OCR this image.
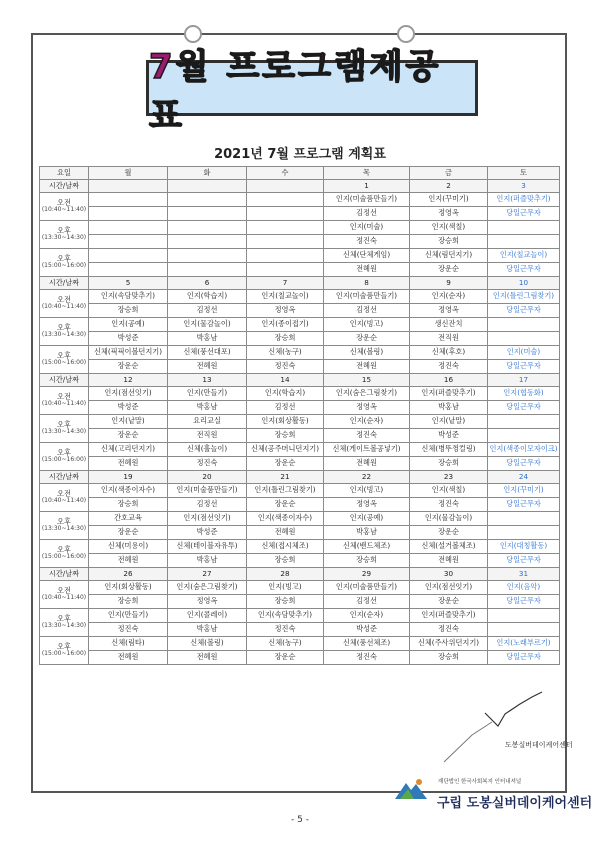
7월 프로그램제공표
2021년 7월 프로그램 계획표
요일	월	화	수	목	금	토
시간/날짜				1	2	3
오전
(10:40~11:40)				인지(미술품만들기)	인지(꾸미기)	인지(퍼즐맞추기)
				김정선	정영옥	당일근무자
오후
(13:30~14:30)				인지(미술)	인지(색칠)	
				정진숙	장승희	
오후
(15:00~16:00)				신체(단체게임)	신체(림던지기)	인지(칠교놀이)
				전혜원	장운순	당일근무자
시간/날짜	5	6	7	8	9	10
오전
(10:40~11:40)	인지(속담맞추기)	인지(학습지)	인지(칠교놀이)	인지(미술품만들기)	인지(순자)	인지(틀린그림찾기)
	장승희	김정선	정영옥	김정선	정영옥	당일근무자
오후
(13:30~14:30)	인지(공예)	인지(물감놀이)	인지(종이접기)	인지(빙고)	생신잔치	
	박성준	박홍남	장승희	장운순	전직원	
오후
(15:00~16:00)	신체(픽픽이볼던지기)	신체(풍선대포)	신체(농구)	신체(볼링)	신체(후호)	인지(미술)
	장운순	전혜원	정진숙	전혜원	정진숙	당일근무자
시간/날짜	12	13	14	15	16	17
오전
(10:40~11:40)	인지(점선잇기)	인지(만들기)	인지(학습지)	인지(숨은그림찾기)	인지(퍼즐맞추기)	인지(협동화)
	박성준	박홍남	김정선	정영옥	박홍남	당일근무자
오후
(13:30~14:30)	인지(낱말)	요리교실	인지(회상활동)	인지(순자)	인지(낱말)	
	장운순	전직원	장승희	정진숙	박성준	
오후
(15:00~16:00)	신체(고리던지기)	신체(훌놀이)	신체(공주머니던지기)	신체(게이트볼공넣기)	신체(병뚜껑컬링)	인지(색종이모자이크)
	전혜원	정진숙	장운순	전혜원	장승희	당일근무자
시간/날짜	19	20	21	22	23	24
오전
(10:40~11:40)	인지(색종이자수)	인지(미술품만들기)	인지(틀린그림찾기)	인지(빙고)	인지(색칠)	인지(꾸미기)
	장승희	김정선	장운순	정영옥	정진숙	당일근무자
오후
(13:30~14:30)	간호교육	인지(점선잇기)	인지(색종이자수)	인지(공예)	인지(물감놀이)	
	장운순	박성준	전혜원	박홍남	장운순	
오후
(15:00~16:00)	신체(미용이)	신체(테이블자유투)	신체(접시체조)	신체(밴드체조)	신체(설거볼체조)	인지(대칭활동)
	전혜원	박홍남	장승희	장승희	전혜원	당일근무자
시간/날짜	26	27	28	29	30	31
오전
(10:40~11:40)	인지(회상활동)	인지(숨은그림찾기)	인지(빙고)	인지(미술품만들기)	인지(점선잇기)	인지(음악)
	장승희	정영옥	장승희	김정선	장운순	당일근무자
오후
(13:30~14:30)	인지(만들기)	인지(콜레이)	인지(속담맞추기)	인지(순자)	인지(퍼즐맞추기)	
	정진숙	박홍남	정진숙	박성준	정진숙	
오후
(15:00~16:00)	신체(림타)	신체(볼링)	신체(농구)	신체(풍선체조)	신체(주사위던지기)	인지(노래부르기)
	전혜원	전혜원	장운순	정진숙	장승희	당일근무자
도봉실버데이케어센터
재단법인 한국사회복지 인터내셔널
구립 도봉실버데이케어센터
- 5 -
